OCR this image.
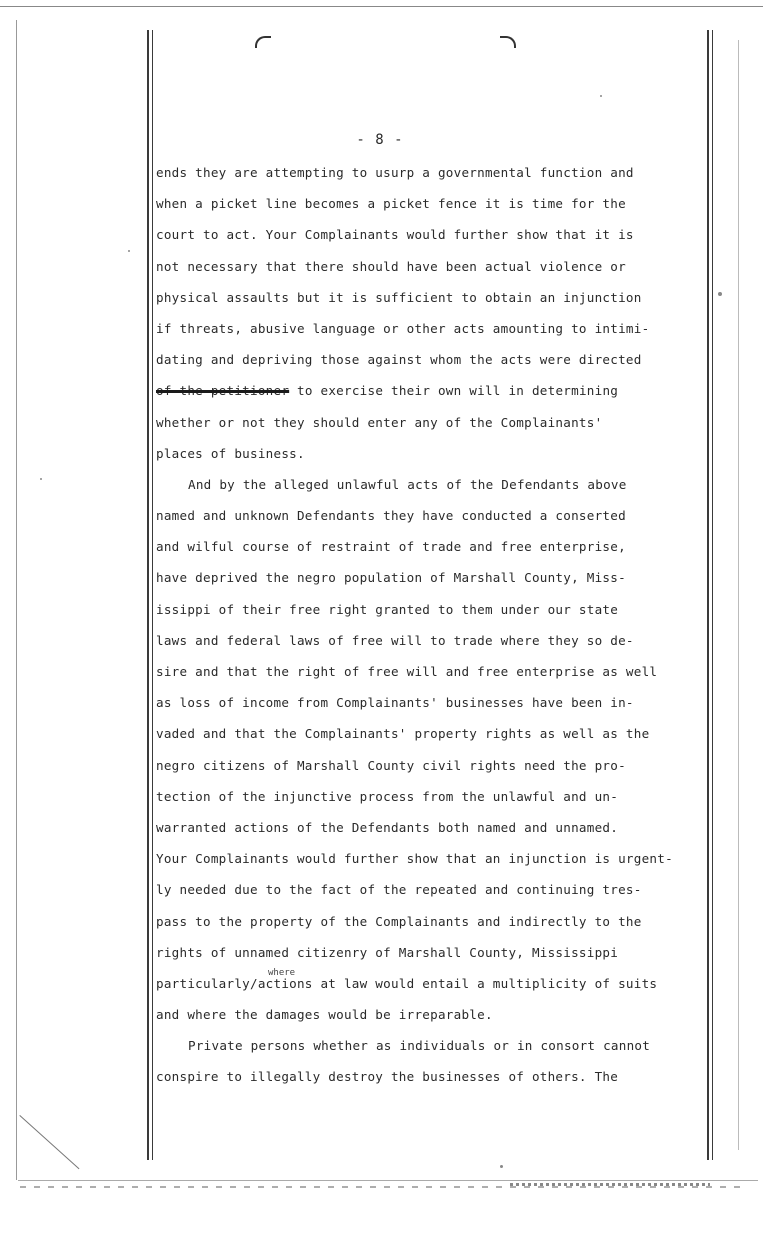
- 8 -
where
ends they are attempting to usurp a governmental function and
when a picket line becomes a picket fence it is time for the
court to act. Your Complainants would further show that it is
not necessary that there should have been actual violence or
physical assaults but it is sufficient to obtain an injunction
if threats, abusive language or other acts amounting to intimi-
dating and depriving those against whom the acts were directed
of the petitioner to exercise their own will in determining
whether or not they should enter any of the Complainants'
places of business.
And by the alleged unlawful acts of the Defendants above
named and unknown Defendants they have conducted a conserted
and wilful course of restraint of trade and free enterprise,
have deprived the negro population of Marshall County, Miss-
issippi of their free right granted to them under our state
laws and federal laws of free will to trade where they so de-
sire and that the right of free will and free enterprise as well
as loss of income from Complainants' businesses have been in-
vaded and that the Complainants' property rights as well as the
negro citizens of Marshall County civil rights need the pro-
tection of the injunctive process from the unlawful and un-
warranted actions of the Defendants both named and unnamed.
Your Complainants would further show that an injunction is urgent-
ly needed due to the fact of the repeated and continuing tres-
pass to the property of the Complainants and indirectly to the
rights of unnamed citizenry of Marshall County, Mississippi
particularly/actions at law would entail a multiplicity of suits
and where the damages would be irreparable.
Private persons whether as individuals or in consort cannot
conspire to illegally destroy the businesses of others. The
